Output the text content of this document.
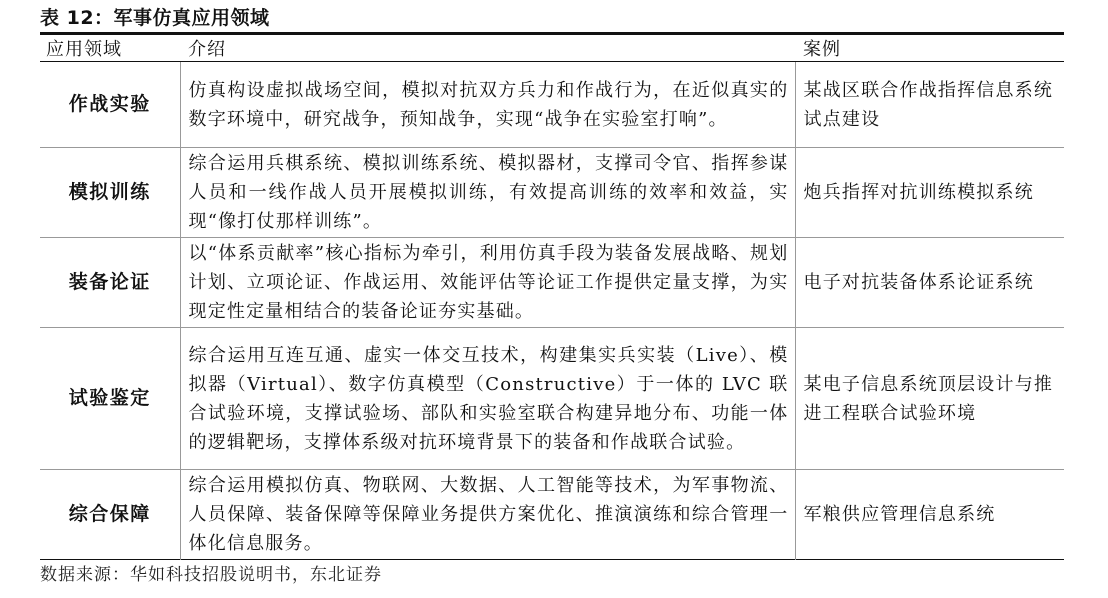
表 12：军事仿真应用领域
应用领域	介绍	案例
作战实验	仿真构设虚拟战场空间，模拟对抗双方兵力和作战行为，在近似真实的数字环境中，研究战争，预知战争，实现“战争在实验室打响”。	某战区联合作战指挥信息系统试点建设
模拟训练	综合运用兵棋系统、模拟训练系统、模拟器材，支撑司令官、指挥参谋人员和一线作战人员开展模拟训练，有效提高训练的效率和效益，实现“像打仗那样训练”。	炮兵指挥对抗训练模拟系统
装备论证	以“体系贡献率”核心指标为牵引，利用仿真手段为装备发展战略、规划计划、立项论证、作战运用、效能评估等论证工作提供定量支撑，为实现定性定量相结合的装备论证夯实基础。	电子对抗装备体系论证系统
试验鉴定	综合运用互连互通、虚实一体交互技术，构建集实兵实装（Live）、模拟器（Virtual）、数字仿真模型（Constructive）于一体的 LVC 联合试验环境，支撑试验场、部队和实验室联合构建异地分布、功能一体的逻辑靶场，支撑体系级对抗环境背景下的装备和作战联合试验。	某电子信息系统顶层设计与推进工程联合试验环境
综合保障	综合运用模拟仿真、物联网、大数据、人工智能等技术，为军事物流、人员保障、装备保障等保障业务提供方案优化、推演演练和综合管理一体化信息服务。	军粮供应管理信息系统
数据来源：华如科技招股说明书，东北证券
